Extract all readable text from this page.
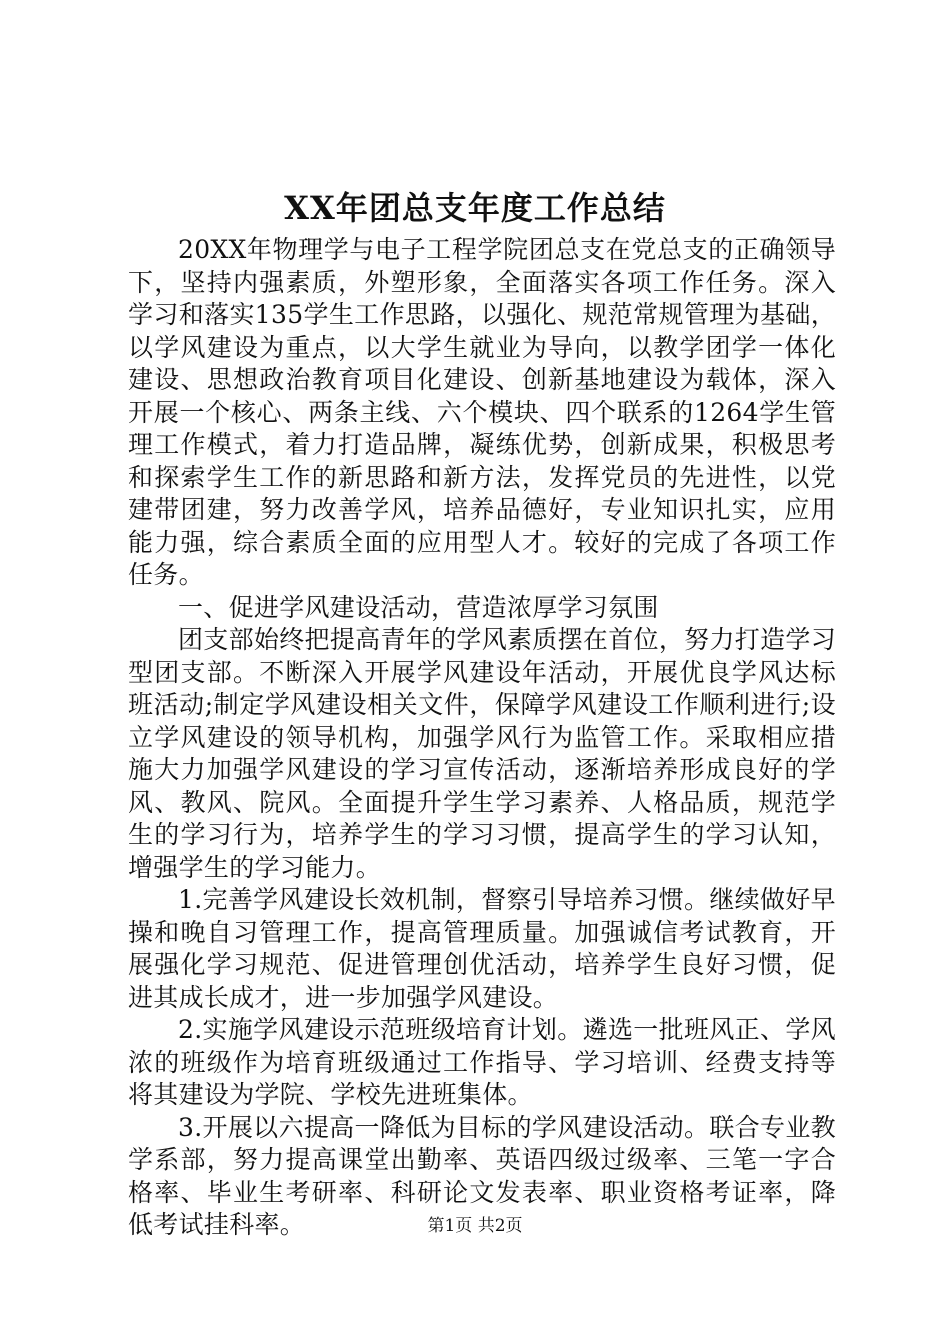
XX年团总支年度工作总结

20XX年物理学与电子工程学院团总支在党总支的正确领导下，坚持内强素质，外塑形象，全面落实各项工作任务。深入学习和落实135学生工作思路，以强化、规范常规管理为基础，以学风建设为重点，以大学生就业为导向，以教学团学一体化建设、思想政治教育项目化建设、创新基地建设为载体，深入开展一个核心、两条主线、六个模块、四个联系的1264学生管理工作模式，着力打造品牌，凝练优势，创新成果，积极思考和探索学生工作的新思路和新方法，发挥党员的先进性，以党建带团建，努力改善学风，培养品德好，专业知识扎实，应用能力强，综合素质全面的应用型人才。较好的完成了各项工作任务。

一、促进学风建设活动，营造浓厚学习氛围

团支部始终把提高青年的学风素质摆在首位，努力打造学习型团支部。不断深入开展学风建设年活动，开展优良学风达标班活动;制定学风建设相关文件，保障学风建设工作顺利进行;设立学风建设的领导机构，加强学风行为监管工作。采取相应措施大力加强学风建设的学习宣传活动，逐渐培养形成良好的学风、教风、院风。全面提升学生学习素养、人格品质，规范学生的学习行为，培养学生的学习习惯，提高学生的学习认知，增强学生的学习能力。

1.完善学风建设长效机制，督察引导培养习惯。继续做好早操和晚自习管理工作，提高管理质量。加强诚信考试教育，开展强化学习规范、促进管理创优活动，培养学生良好习惯，促进其成长成才，进一步加强学风建设。

2.实施学风建设示范班级培育计划。遴选一批班风正、学风浓的班级作为培育班级通过工作指导、学习培训、经费支持等将其建设为学院、学校先进班集体。

3.开展以六提高一降低为目标的学风建设活动。联合专业教学系部，努力提高课堂出勤率、英语四级过级率、三笔一字合格率、毕业生考研率、科研论文发表率、职业资格考证率，降低考试挂科率。	第1页 共2页
